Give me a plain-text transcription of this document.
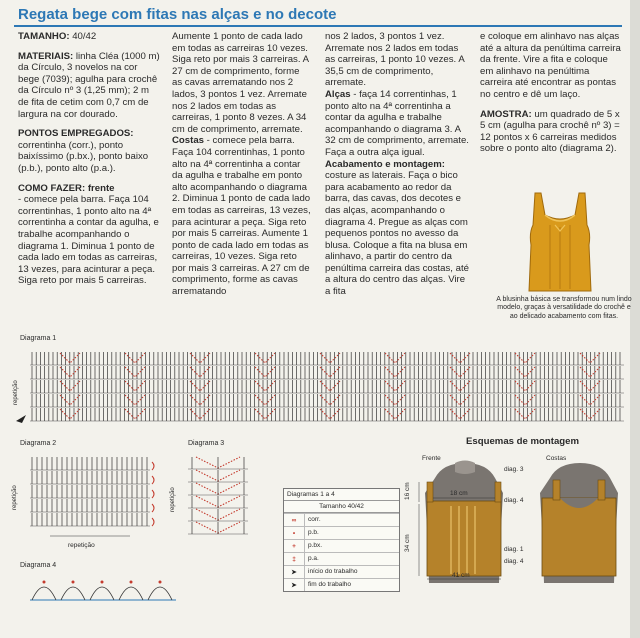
Regata bege com fitas nas alças e no decote

TAMANHO: 40/42

MATERIAIS: linha Cléa (1000 m) da Círculo, 3 novelos na cor bege (7039); agulha para crochê da Círculo nº 3 (1,25 mm); 2 m de fita de cetim com 0,7 cm de largura na cor dourado.

PONTOS EMPREGADOS:

correntinha (corr.), ponto baixíssimo (p.bx.), ponto baixo (p.b.), ponto alto (p.a.).

COMO FAZER: frente

- comece pela barra. Faça 104 correntinhas, 1 ponto alto na 4ª correntinha a contar da agulha, e trabalhe acompanhando o diagrama 1. Diminua 1 ponto de cada lado em todas as carreiras, 13 vezes, para acinturar a peça. Siga reto por mais 5 carreiras.

Aumente 1 ponto de cada lado em todas as carreiras 10 vezes. Siga reto por mais 3 carreiras. A 27 cm de comprimento, forme as cavas arrematando nos 2 lados, 3 pontos 1 vez. Arremate nos 2 lados em todas as carreiras, 1 ponto 8 vezes. A 34 cm de comprimento, arremate.

Costas - comece pela barra. Faça 104 correntinhas, 1 ponto alto na 4ª correntinha a contar da agulha e trabalhe em ponto alto acompanhando o diagrama 2. Diminua 1 ponto de cada lado em todas as carreiras, 13 vezes, para acinturar a peça. Siga reto por mais 5 carreiras. Aumente 1 ponto de cada lado em todas as carreiras, 10 vezes. Siga reto por mais 3 carreiras. A 27 cm de comprimento, forme as cavas arrematando

nos 2 lados, 3 pontos 1 vez. Arremate nos 2 lados em todas as carreiras, 1 ponto 10 vezes. A 35,5 cm de comprimento, arremate.

Alças - faça 14 correntinhas, 1 ponto alto na 4ª correntinha a contar da agulha e trabalhe acompanhando o diagrama 3. A 32 cm de comprimento, arremate. Faça a outra alça igual.

Acabamento e montagem: costure as laterais. Faça o bico para acabamento ao redor da barra, das cavas, dos decotes e das alças, acompanhando o diagrama 4. Pregue as alças com pequenos pontos no avesso da blusa. Coloque a fita na blusa em alinhavo, a partir do centro da penúltima carreira das costas, até a altura do centro das alças. Vire a fita

e coloque em alinhavo nas alças até a altura da penúltima carreira da frente. Vire a fita e coloque em alinhavo na penúltima carreira até encontrar as pontas no centro e dê um laço.

AMOSTRA: um quadrado de 5 x 5 cm (agulha para crochê nº 3) = 12 pontos x 6 carreiras medidos sobre o ponto alto (diagrama 2).

A blusinha básica se transformou num lindo modelo, graças à versatilidade do crochê e ao delicado acabamento com fitas.
Diagrama 1
repetição
Diagrama 2
repetição
repetição
Diagrama 3
repetição
Diagrama 4
Diagramas 1 a 4
Tamanho 40/42
∞	corr.
•	p.b.
+	p.bx.
‡	p.a.
➤	início do trabalho
➤	fim do trabalho
Esquemas de montagem
Frente	Costas
diag. 3
diag. 4
diag. 1
diag. 4
18 cm
41 cm
16 cm
34 cm
